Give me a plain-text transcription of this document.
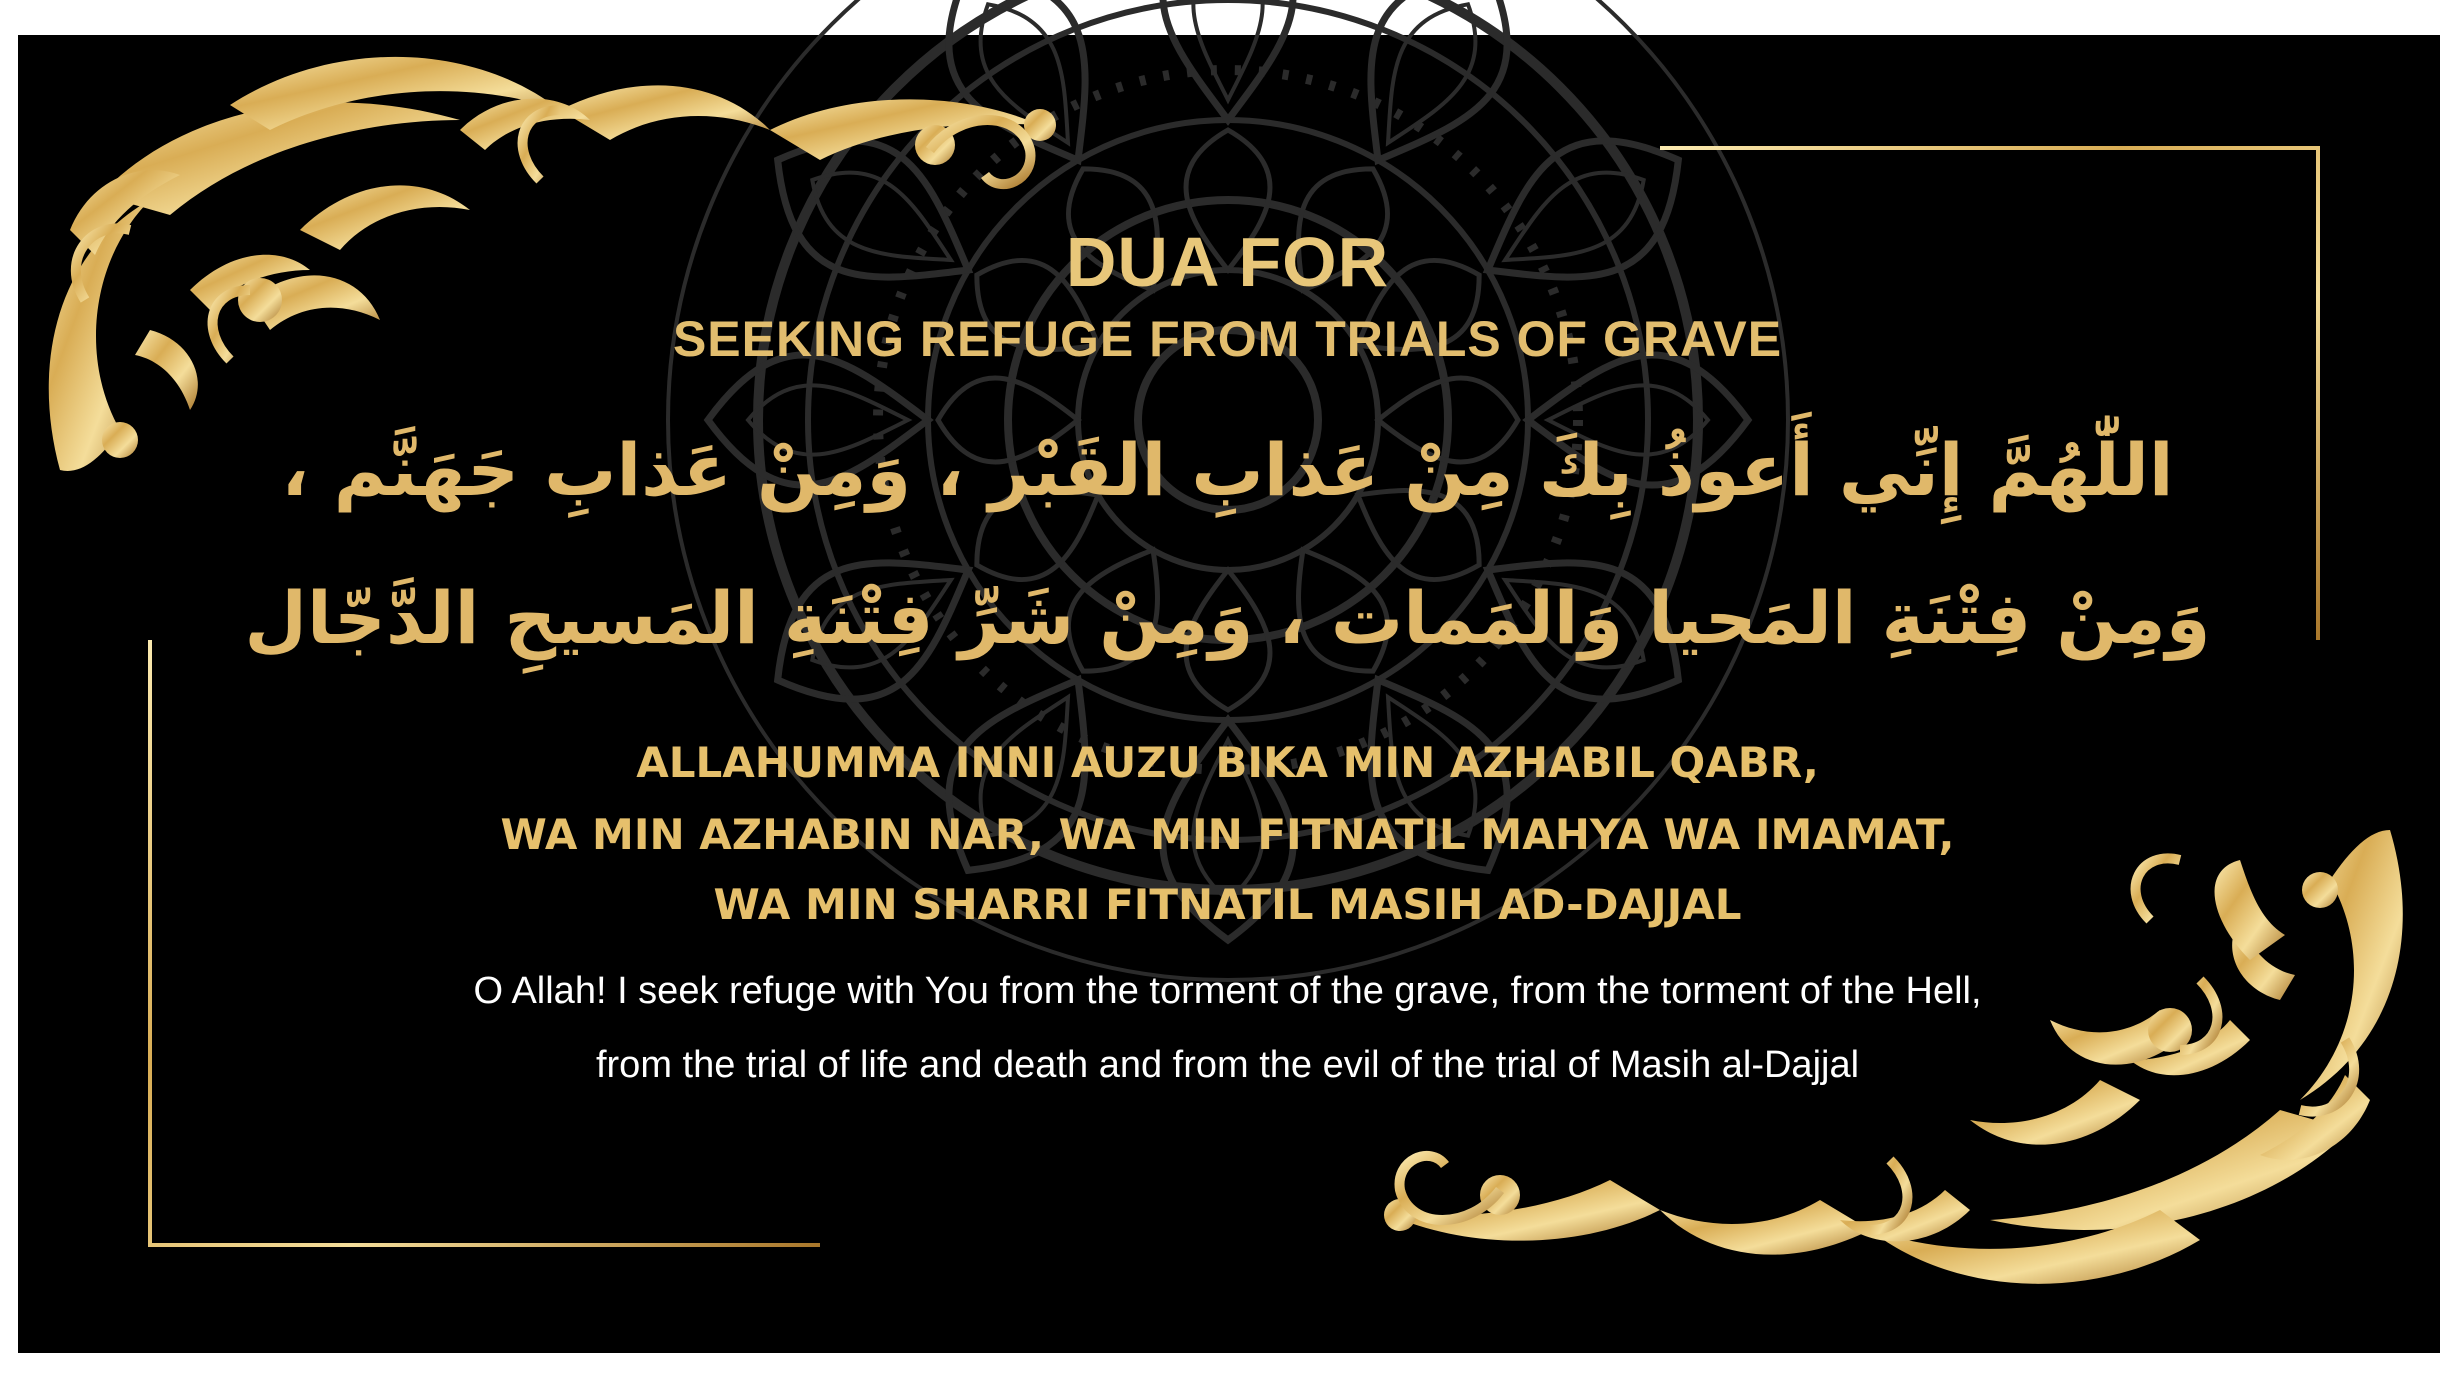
DUA FOR
SEEKING REFUGE FROM TRIALS OF GRAVE

اللّٰهُمَّ إِنِّي أَعوذُ بِكَ مِنْ عَذابِ القَبْر ، وَمِنْ عَذابِ جَهَنَّم ،

وَمِنْ فِتْنَةِ المَحيا وَالمَمات ، وَمِنْ شَرِّ فِتْنَةِ المَسيحِ الدَّجّال

ALLAHUMMA INNI AUZU BIKA MIN AZHABIL QABR,

WA MIN AZHABIN NAR, WA MIN FITNATIL MAHYA WA IMAMAT,

WA MIN SHARRI FITNATIL MASIH AD-DAJJAL

O Allah! I seek refuge with You from the torment of the grave, from the torment of the Hell,

from the trial of life and death and from the evil of the trial of Masih al-Dajjal
